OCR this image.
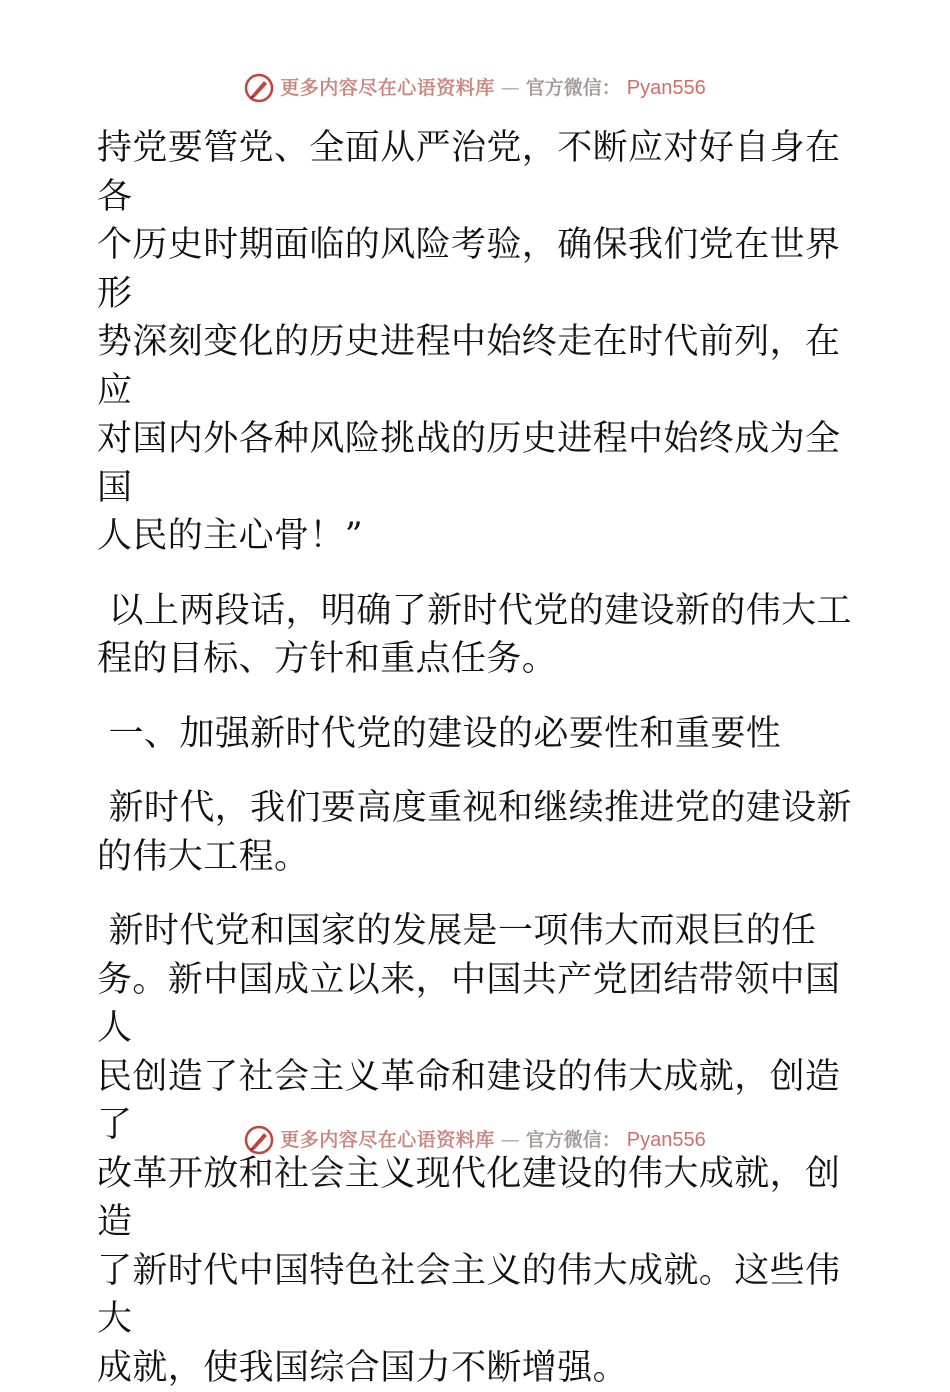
更多内容尽在心语资料库 — 官方微信： Pyan556

持党要管党、全面从严治党，不断应对好自身在各
个历史时期面临的风险考验，确保我们党在世界形
势深刻变化的历史进程中始终走在时代前列，在应
对国内外各种风险挑战的历史进程中始终成为全国
人民的主心骨！”

以上两段话，明确了新时代党的建设新的伟大工
程的目标、方针和重点任务。

一、加强新时代党的建设的必要性和重要性

新时代，我们要高度重视和继续推进党的建设新
的伟大工程。

新时代党和国家的发展是一项伟大而艰巨的任
务。新中国成立以来，中国共产党团结带领中国人
民创造了社会主义革命和建设的伟大成就，创造了
改革开放和社会主义现代化建设的伟大成就，创造
了新时代中国特色社会主义的伟大成就。这些伟大
成就，使我国综合国力不断增强。

更多内容尽在心语资料库 — 官方微信： Pyan556
